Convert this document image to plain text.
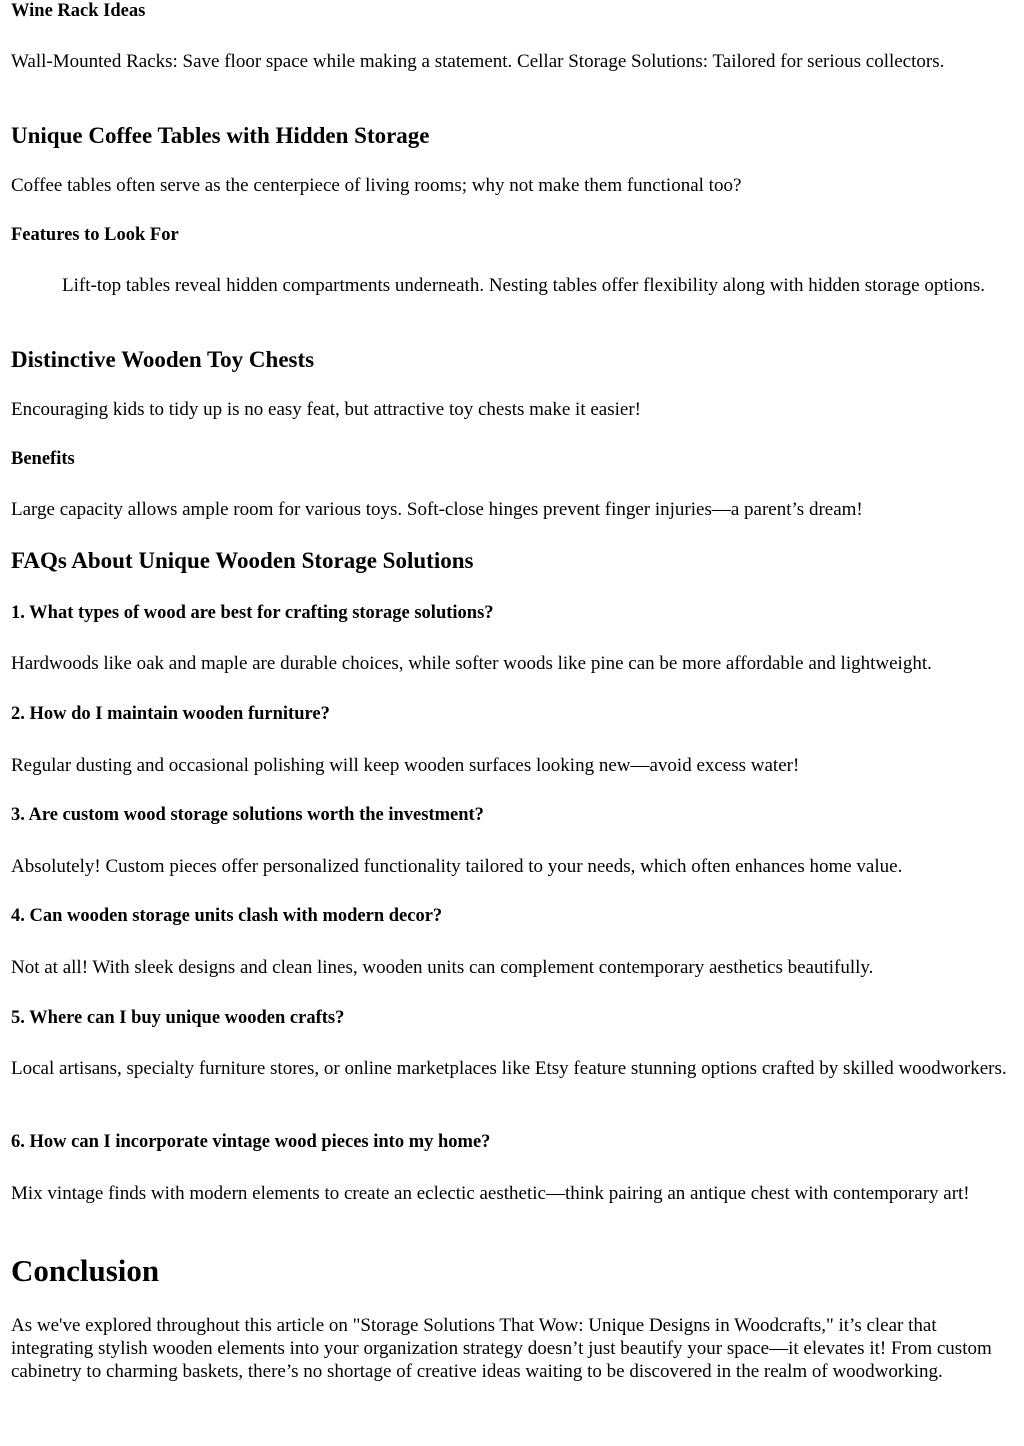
Wine Rack Ideas

Wall-Mounted Racks: Save floor space while making a statement. Cellar Storage Solutions: Tailored for serious collectors.

Unique Coffee Tables with Hidden Storage

Coffee tables often serve as the centerpiece of living rooms; why not make them functional too?

Features to Look For

Lift-top tables reveal hidden compartments underneath. Nesting tables offer flexibility along with hidden storage options.

Distinctive Wooden Toy Chests

Encouraging kids to tidy up is no easy feat, but attractive toy chests make it easier!

Benefits

Large capacity allows ample room for various toys. Soft-close hinges prevent finger injuries—a parent’s dream!

FAQs About Unique Wooden Storage Solutions
1. What types of wood are best for crafting storage solutions?

Hardwoods like oak and maple are durable choices, while softer woods like pine can be more affordable and lightweight.

2. How do I maintain wooden furniture?

Regular dusting and occasional polishing will keep wooden surfaces looking new—avoid excess water!

3. Are custom wood storage solutions worth the investment?

Absolutely! Custom pieces offer personalized functionality tailored to your needs, which often enhances home value.

4. Can wooden storage units clash with modern decor?

Not at all! With sleek designs and clean lines, wooden units can complement contemporary aesthetics beautifully.

5. Where can I buy unique wooden crafts?

Local artisans, specialty furniture stores, or online marketplaces like Etsy feature stunning options crafted by skilled woodworkers.

6. How can I incorporate vintage wood pieces into my home?

Mix vintage finds with modern elements to create an eclectic aesthetic—think pairing an antique chest with contemporary art!

Conclusion

As we've explored throughout this article on "Storage Solutions That Wow: Unique Designs in Woodcrafts," it’s clear that integrating stylish wooden elements into your organization strategy doesn’t just beautify your space—it elevates it! From custom cabinetry to charming baskets, there’s no shortage of creative ideas waiting to be discovered in the realm of woodworking.
